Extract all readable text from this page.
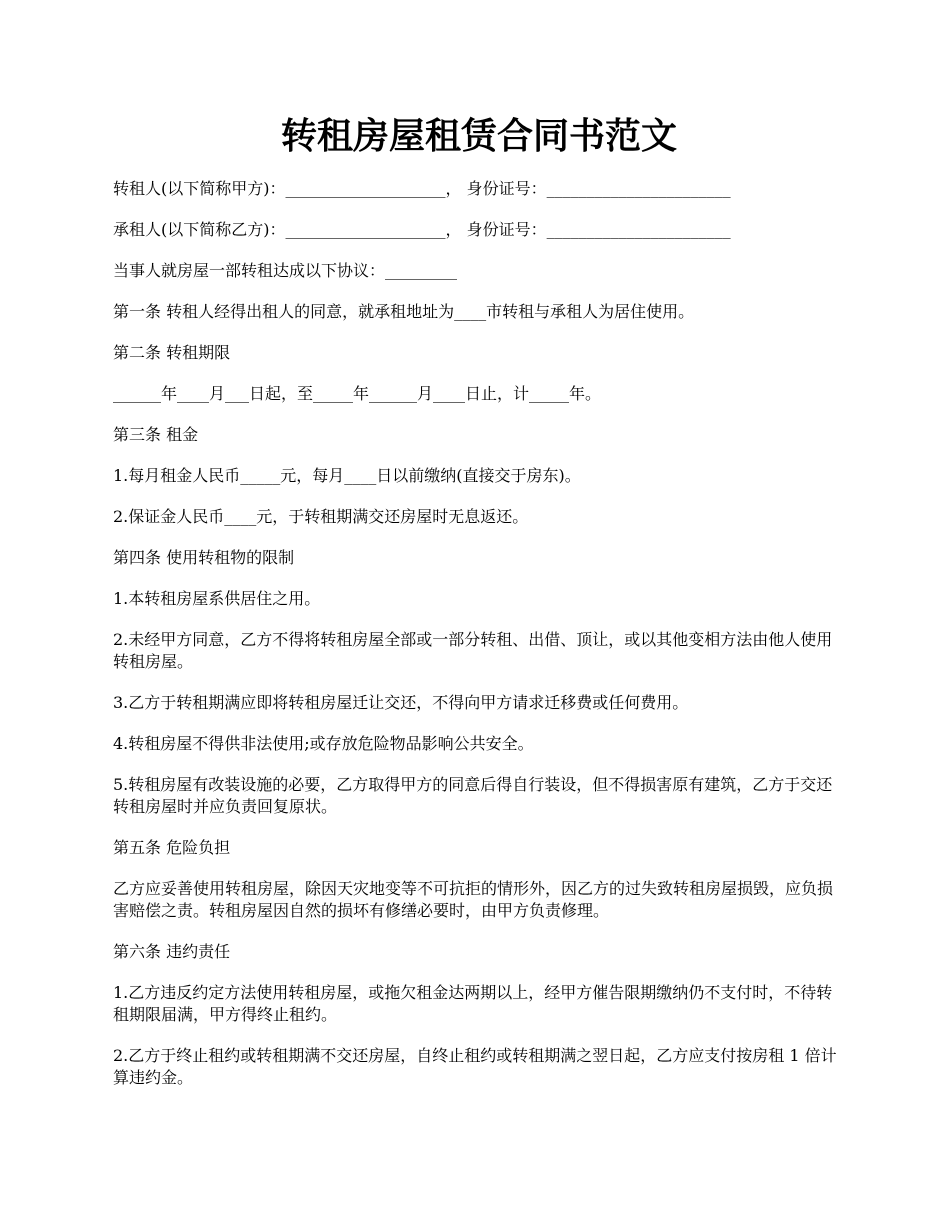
转租房屋租赁合同书范文

转租人(以下简称甲方)：____________________， 身份证号：_______________________

承租人(以下简称乙方)：____________________， 身份证号：_______________________

当事人就房屋一部转租达成以下协议：_________

第一条 转租人经得出租人的同意，就承租地址为____市转租与承租人为居住使用。

第二条 转租期限

______年____月___日起，至_____年______月____日止，计_____年。

第三条 租金

1.每月租金人民币_____元，每月____日以前缴纳(直接交于房东)。

2.保证金人民币____元，于转租期满交还房屋时无息返还。

第四条 使用转租物的限制

1.本转租房屋系供居住之用。

2.未经甲方同意，乙方不得将转租房屋全部或一部分转租、出借、顶让，或以其他变相方法由他人使用转租房屋。

3.乙方于转租期满应即将转租房屋迁让交还，不得向甲方请求迁移费或任何费用。

4.转租房屋不得供非法使用;或存放危险物品影响公共安全。

5.转租房屋有改装设施的必要，乙方取得甲方的同意后得自行装设，但不得损害原有建筑，乙方于交还转租房屋时并应负责回复原状。

第五条 危险负担

乙方应妥善使用转租房屋，除因天灾地变等不可抗拒的情形外，因乙方的过失致转租房屋损毁，应负损害赔偿之责。转租房屋因自然的损坏有修缮必要时，由甲方负责修理。

第六条 违约责任

1.乙方违反约定方法使用转租房屋，或拖欠租金达两期以上，经甲方催告限期缴纳仍不支付时，不待转租期限届满，甲方得终止租约。

2.乙方于终止租约或转租期满不交还房屋，自终止租约或转租期满之翌日起，乙方应支付按房租 1 倍计算违约金。
